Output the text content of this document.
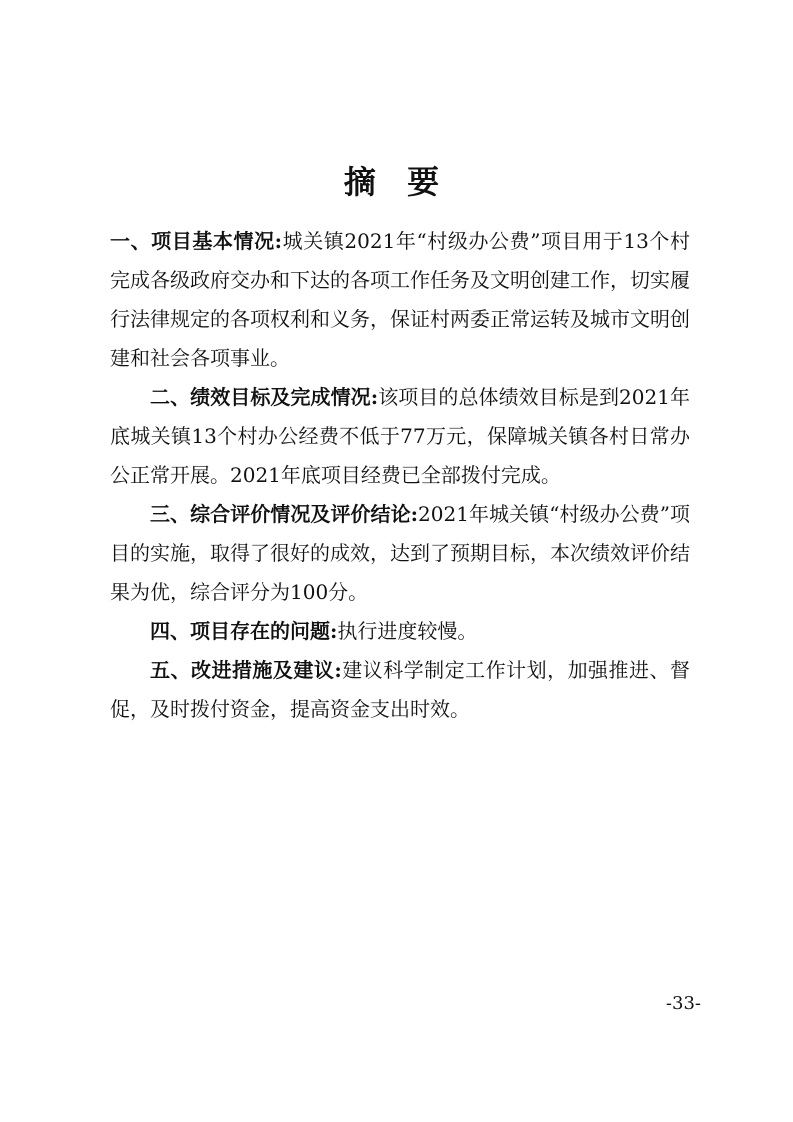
摘 要

一、项目基本情况:城关镇2021年“村级办公费”项目用于13个村完成各级政府交办和下达的各项工作任务及文明创建工作，切实履行法律规定的各项权利和义务，保证村两委正常运转及城市文明创建和社会各项事业。

二、绩效目标及完成情况:该项目的总体绩效目标是到2021年底城关镇13个村办公经费不低于77万元，保障城关镇各村日常办公正常开展。2021年底项目经费已全部拨付完成。

三、综合评价情况及评价结论:2021年城关镇“村级办公费”项目的实施，取得了很好的成效，达到了预期目标，本次绩效评价结果为优，综合评分为100分。

四、项目存在的问题:执行进度较慢。

五、改进措施及建议:建议科学制定工作计划，加强推进、督促，及时拨付资金，提高资金支出时效。

-33-
